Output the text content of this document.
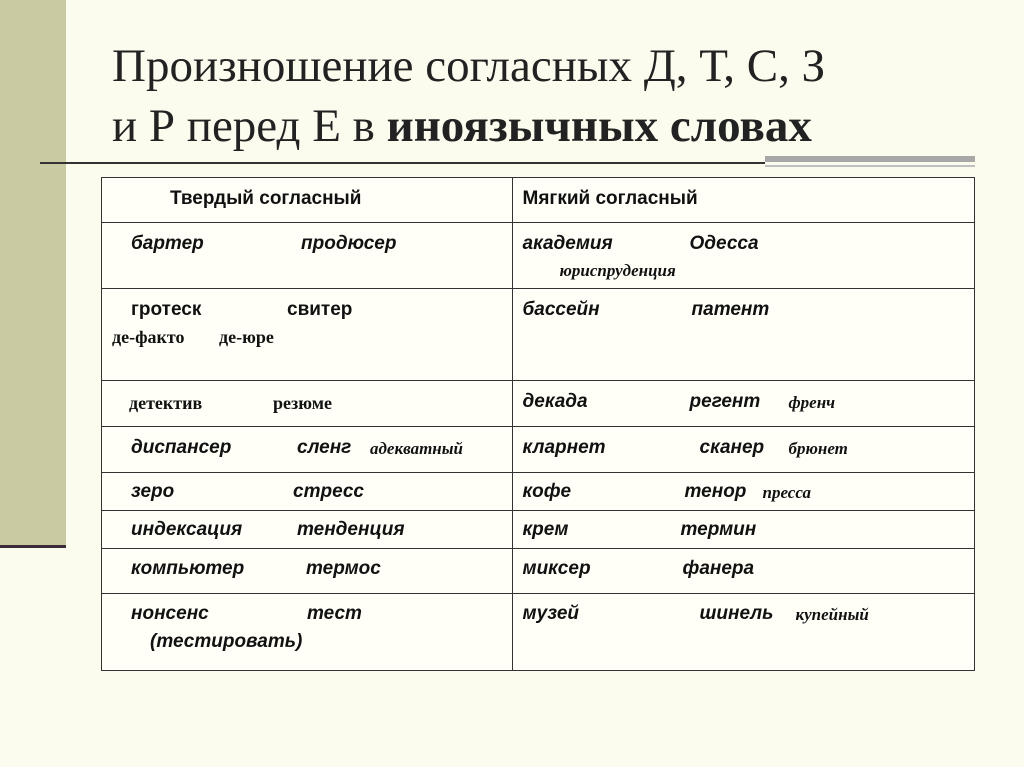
Произношение согласных Д, Т, С, З
и Р перед Е в иноязычных словах
Твердый согласный	Мягкий согласный

бартер продюсер	академия Одесса
юриспруденция

гротеск свитер
де-факто де-юре	бассейн патент

детектив резюме	декада регент френч

диспансер сленг адекватный	кларнет сканер брюнет

зеро стресс	кофе тенор пресса

индексация тенденция	крем термин

компьютер термос	миксер фанера

нонсенс тест
(тестировать)	музей шинель купейный
